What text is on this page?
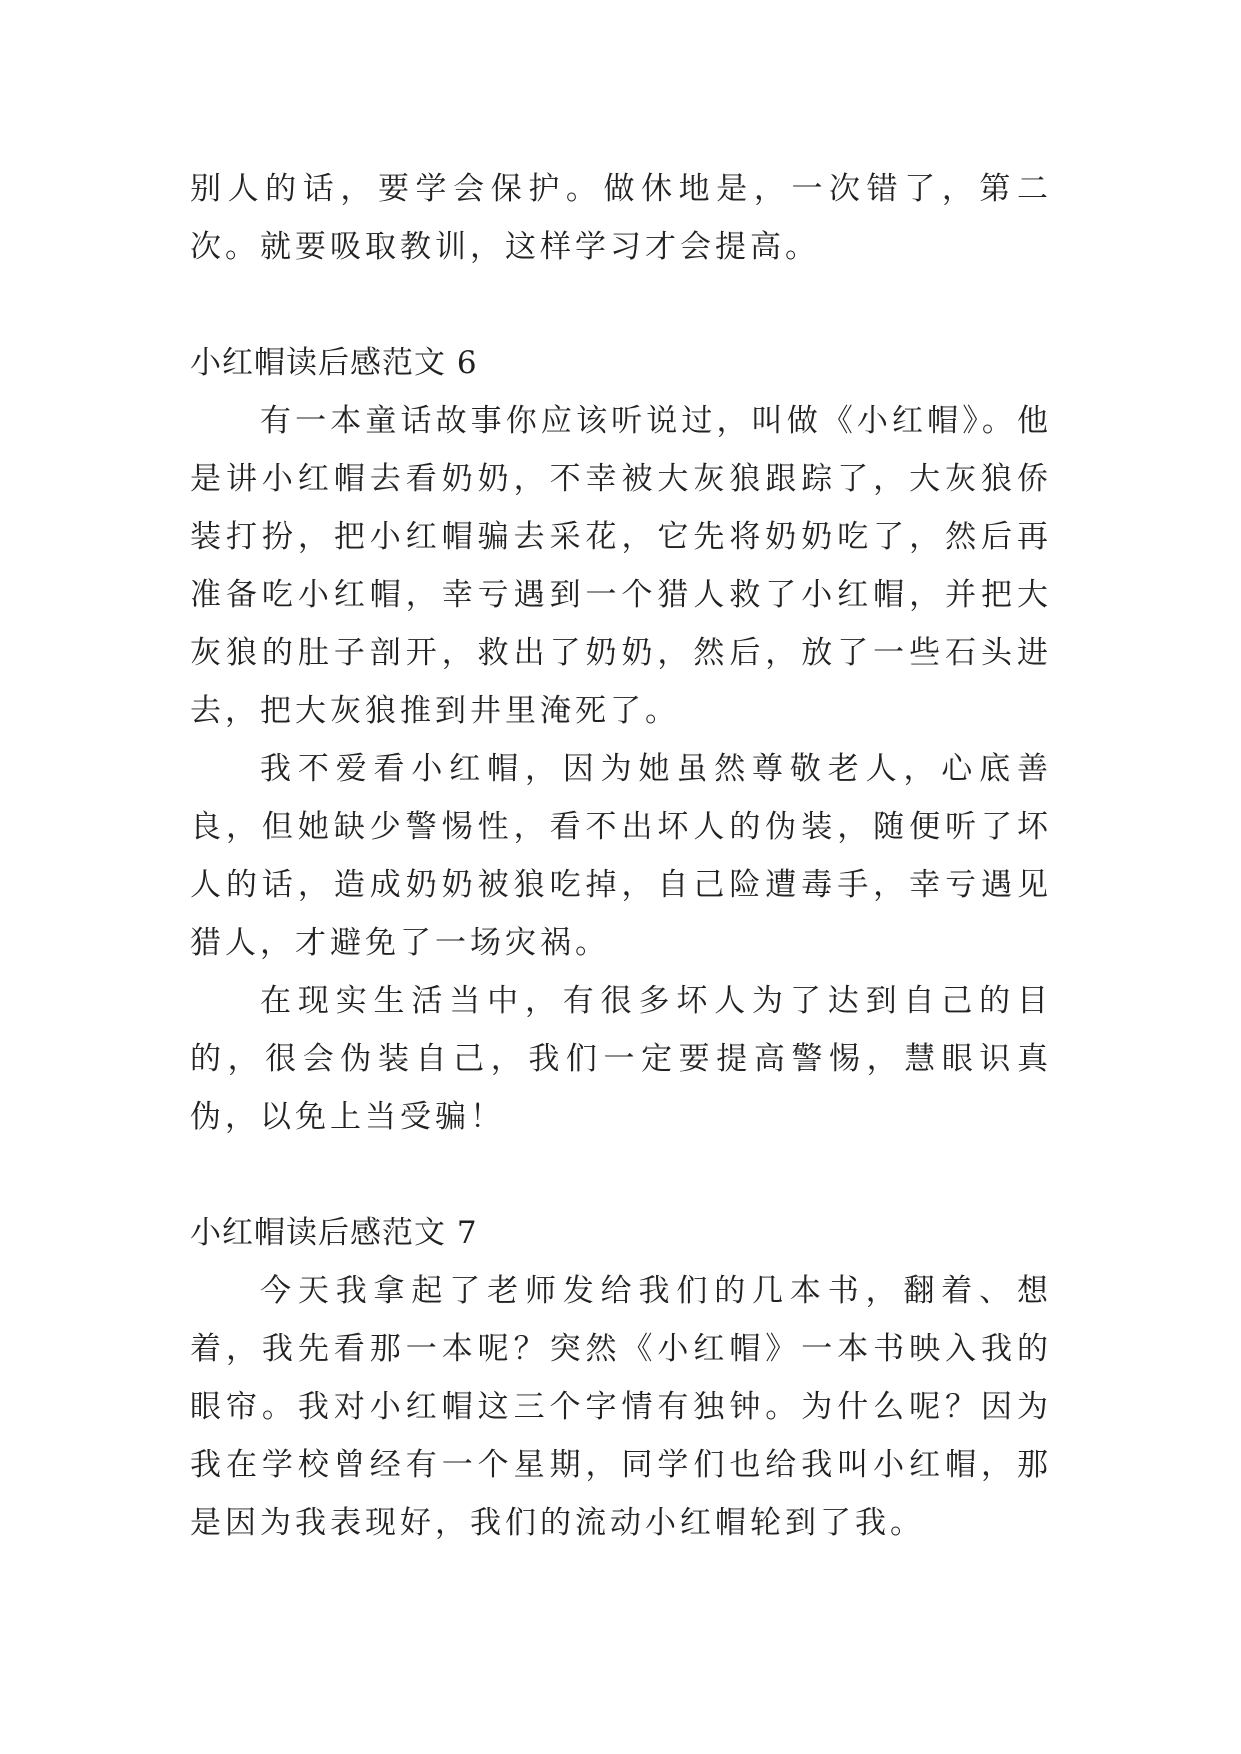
别人的话，要学会保护。做休地是，一次错了，第二次。就要吸取教训，这样学习才会提高。

小红帽读后感范文 6

有一本童话故事你应该听说过，叫做《小红帽》。他是讲小红帽去看奶奶，不幸被大灰狼跟踪了，大灰狼侨装打扮，把小红帽骗去采花，它先将奶奶吃了，然后再准备吃小红帽，幸亏遇到一个猎人救了小红帽，并把大灰狼的肚子剖开，救出了奶奶，然后，放了一些石头进去，把大灰狼推到井里淹死了。

我不爱看小红帽，因为她虽然尊敬老人，心底善良，但她缺少警惕性，看不出坏人的伪装，随便听了坏人的话，造成奶奶被狼吃掉，自己险遭毒手，幸亏遇见猎人，才避免了一场灾祸。

在现实生活当中，有很多坏人为了达到自己的目的，很会伪装自己，我们一定要提高警惕，慧眼识真伪，以免上当受骗！

小红帽读后感范文 7

今天我拿起了老师发给我们的几本书，翻着、想着，我先看那一本呢？突然《小红帽》一本书映入我的眼帘。我对小红帽这三个字情有独钟。为什么呢？因为我在学校曾经有一个星期，同学们也给我叫小红帽，那是因为我表现好，我们的流动小红帽轮到了我。
